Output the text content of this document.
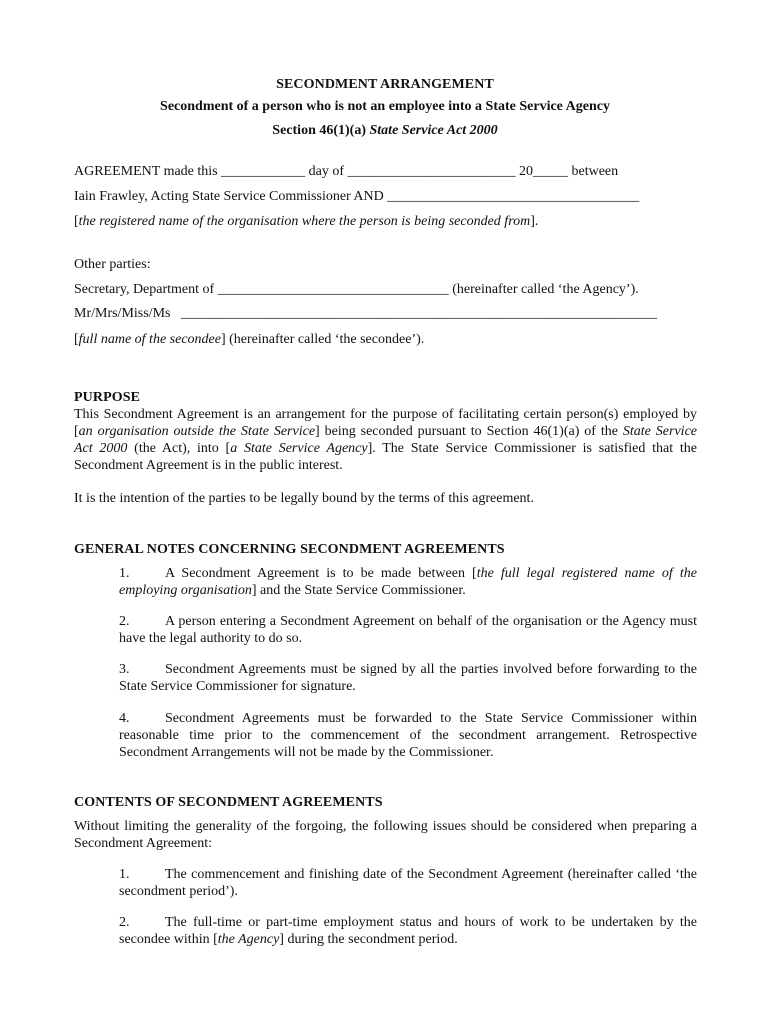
SECONDMENT ARRANGEMENT
Secondment of a person who is not an employee into a State Service Agency
Section 46(1)(a) State Service Act 2000
AGREEMENT made this ____________ day of ________________________ 20_____ between
Iain Frawley, Acting State Service Commissioner AND ____________________________________
[the registered name of the organisation where the person is being seconded from].
Other parties:
Secretary, Department of _________________________________ (hereinafter called ‘the Agency’).
Mr/Mrs/Miss/Ms ____________________________________________________________________
[full name of the secondee] (hereinafter called ‘the secondee’).
PURPOSE
This Secondment Agreement is an arrangement for the purpose of facilitating certain person(s) employed by [an organisation outside the State Service] being seconded pursuant to Section 46(1)(a) of the State Service Act 2000 (the Act), into [a State Service Agency]. The State Service Commissioner is satisfied that the Secondment Agreement is in the public interest.
It is the intention of the parties to be legally bound by the terms of this agreement.
GENERAL NOTES CONCERNING SECONDMENT AGREEMENTS
1.	A Secondment Agreement is to be made between [the full legal registered name of the employing organisation] and the State Service Commissioner.
2.	A person entering a Secondment Agreement on behalf of the organisation or the Agency must have the legal authority to do so.
3.	Secondment Agreements must be signed by all the parties involved before forwarding to the State Service Commissioner for signature.
4.	Secondment Agreements must be forwarded to the State Service Commissioner within reasonable time prior to the commencement of the secondment arrangement. Retrospective Secondment Arrangements will not be made by the Commissioner.
CONTENTS OF SECONDMENT AGREEMENTS
Without limiting the generality of the forgoing, the following issues should be considered when preparing a Secondment Agreement:
1.	The commencement and finishing date of the Secondment Agreement (hereinafter called ‘the secondment period’).
2.	The full-time or part-time employment status and hours of work to be undertaken by the secondee within [the Agency] during the secondment period.
